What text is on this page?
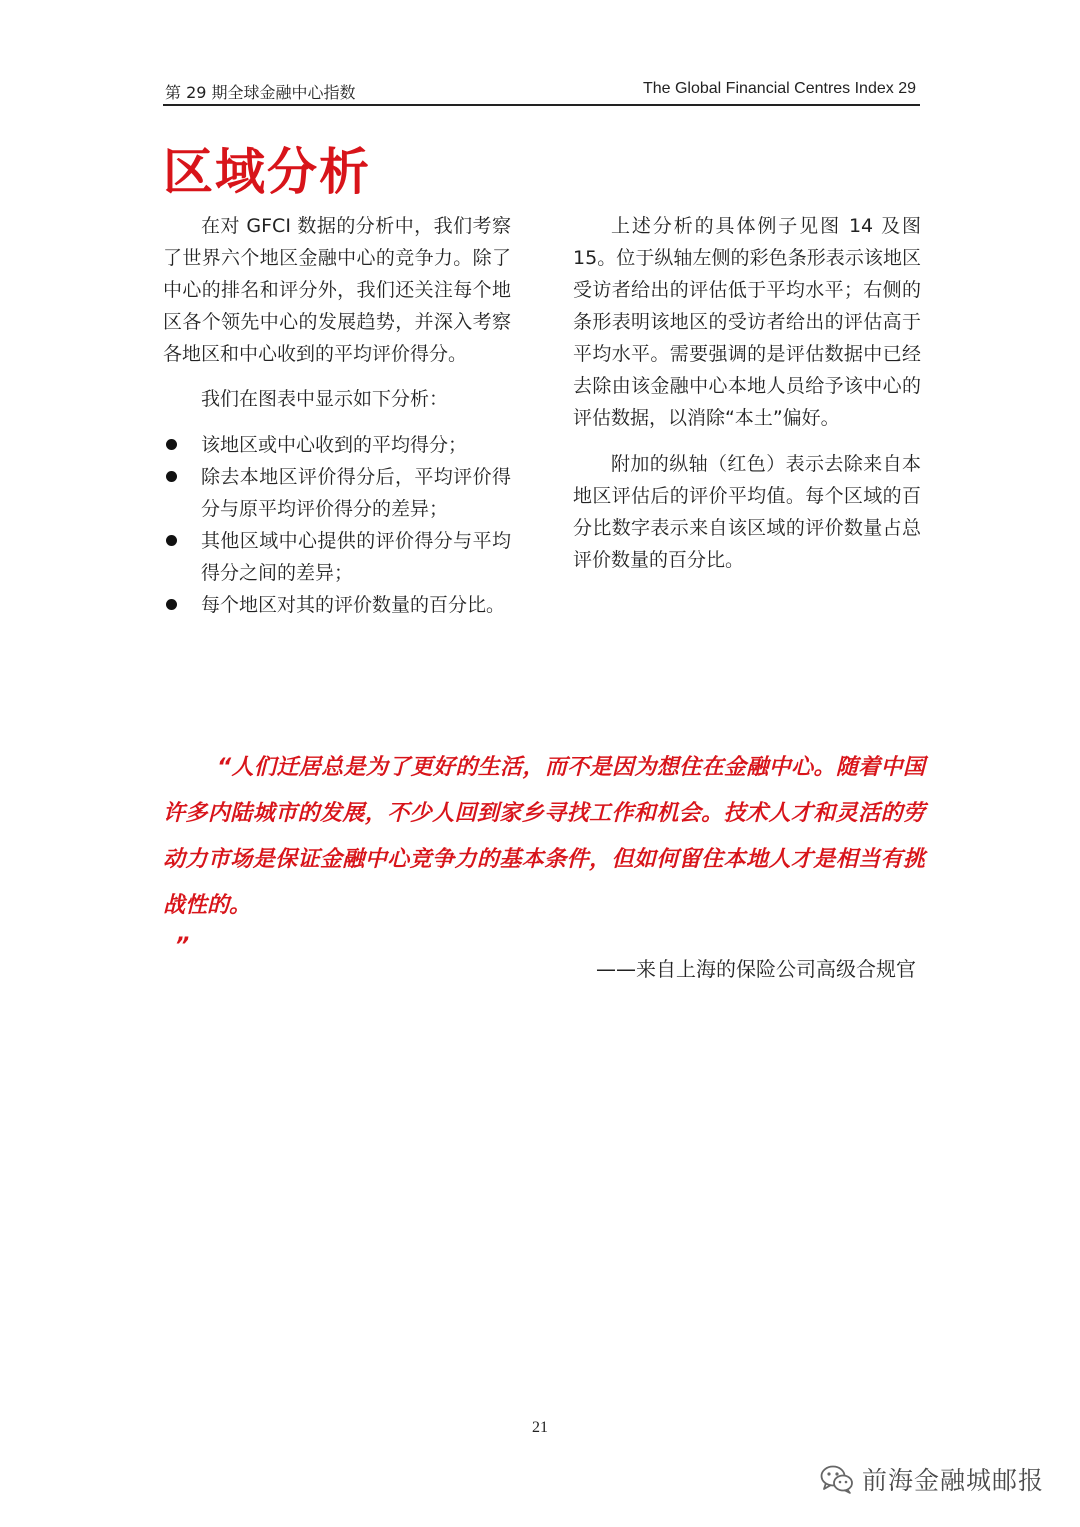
第 29 期全球金融中心指数	The Global Financial Centres Index 29
区域分析

在对 GFCI 数据的分析中，我们考察了世界六个地区金融中心的竞争力。除了中心的排名和评分外，我们还关注每个地区各个领先中心的发展趋势，并深入考察各地区和中心收到的平均评价得分。

我们在图表中显示如下分析：

该地区或中心收到的平均得分；
除去本地区评价得分后，平均评价得分与原平均评价得分的差异；
其他区域中心提供的评价得分与平均得分之间的差异；
每个地区对其的评价数量的百分比。

上述分析的具体例子见图 14 及图 15。位于纵轴左侧的彩色条形表示该地区受访者给出的评估低于平均水平；右侧的条形表明该地区的受访者给出的评估高于平均水平。需要强调的是评估数据中已经去除由该金融中心本地人员给予该中心的评估数据，以消除“本土”偏好。

附加的纵轴（红色）表示去除来自本地区评估后的评价平均值。每个区域的百分比数字表示来自该区域的评价数量占总评价数量的百分比。

“人们迁居总是为了更好的生活，而不是因为想住在金融中心。随着中国许多内陆城市的发展，不少人回到家乡寻找工作和机会。技术人才和灵活的劳动力市场是保证金融中心竞争力的基本条件，但如何留住本地人才是相当有挑战性的。

”

——来自上海的保险公司高级合规官
21
前海金融城邮报
